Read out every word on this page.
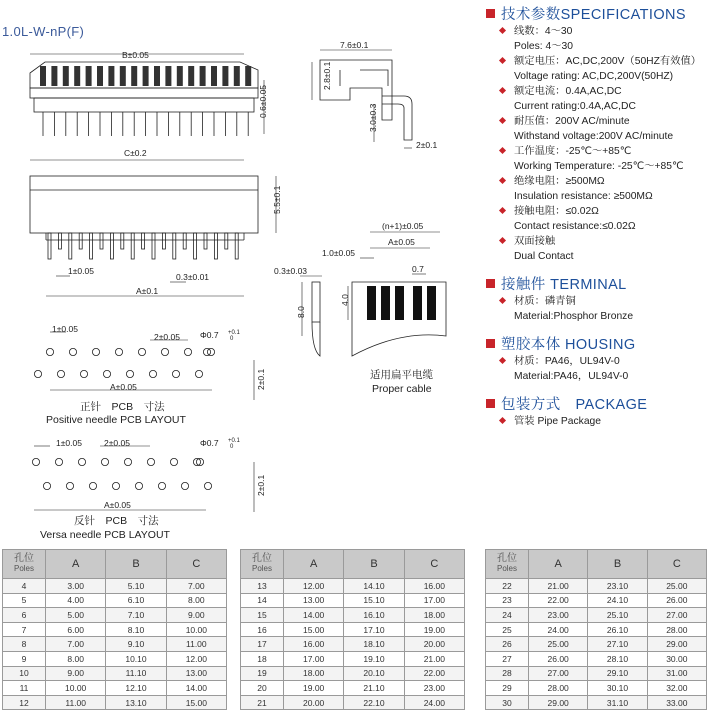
1.0L-W-nP(F)
B±0.05
C±0.2
7.6±0.1
2.8±0.1
0.6±0.05	3.0±0.3
2±0.1
5.5±0.1
1±0.05
0.3±0.01
A±0.1
(n+1)±0.05
A±0.05
1.0±0.05
0.7
0.3±0.03
8.0
4.0
1±0.05
2±0.05 Φ0.7 +0.1
0
A±0.05	2±0.1
1±0.05	2±0.05	Φ0.7 +0.1
0
A±0.05
2±0.1
适用扁平电缆
Proper cable
正针　PCB　寸法
Positive needle PCB LAYOUT
反针　PCB　寸法
Versa needle PCB LAYOUT
技术参数SPECIFICATIONS
线数：4～30
Poles: 4～30
额定电压：AC,DC,200V（50HZ有效值）
Voltage rating: AC,DC,200V(50HZ)
额定电流：0.4A,AC,DC
Current rating:0.4A,AC,DC
耐压值：200V AC/minute
Withstand voltage:200V AC/minute
工作温度：-25℃～+85℃
Working Temperature: -25℃～+85℃
绝缘电阻：≥500MΩ
Insulation resistance: ≥500MΩ
接触电阻：≤0.02Ω
Contact resistance:≤0.02Ω
双面接触
Dual Contact
接触件 TERMINAL
材质：磷青铜
Material:Phosphor Bronze
塑胶本体 HOUSING
材质：PA46，UL94V-0
Material:PA46，UL94V-0
包装方式　PACKAGE
管装 Pipe Package
孔位
Poles	A	B	C
4	3.00	5.10	7.00
5	4.00	6.10	8.00
6	5.00	7.10	9.00
7	6.00	8.10	10.00
8	7.00	9.10	11.00
9	8.00	10.10	12.00
10	9.00	11.10	13.00
11	10.00	12.10	14.00
12	11.00	13.10	15.00
孔位
Poles	A	B	C
13	12.00	14.10	16.00
14	13.00	15.10	17.00
15	14.00	16.10	18.00
16	15.00	17.10	19.00
17	16.00	18.10	20.00
18	17.00	19.10	21.00
19	18.00	20.10	22.00
20	19.00	21.10	23.00
21	20.00	22.10	24.00
孔位
Poles	A	B	C
22	21.00	23.10	25.00
23	22.00	24.10	26.00
24	23.00	25.10	27.00
25	24.00	26.10	28.00
26	25.00	27.10	29.00
27	26.00	28.10	30.00
28	27.00	29.10	31.00
29	28.00	30.10	32.00
30	29.00	31.10	33.00
